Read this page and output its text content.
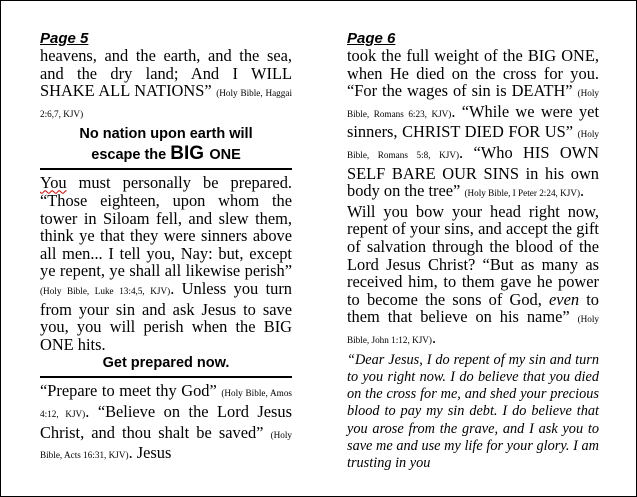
Page 5

heavens, and the earth, and the sea, and the dry land; And I WILL SHAKE ALL NATIONS” (Holy Bible, Haggai 2:6,7, KJV)

No nation upon earth will
escape the BIG ONE

You must personally be prepared. “Those eighteen, upon whom the tower in Siloam fell, and slew them, think ye that they were sinners above all men... I tell you, Nay: but, except ye repent, ye shall all likewise perish” (Holy Bible, Luke 13:4,5, KJV). Unless you turn from your sin and ask Jesus to save you, you will perish when the BIG ONE hits.

Get prepared now.

“Prepare to meet thy God” (Holy Bible, Amos 4:12, KJV). “Believe on the Lord Jesus Christ, and thou shalt be saved” (Holy Bible, Acts 16:31, KJV). Jesus

Page 6

took the full weight of the BIG ONE, when He died on the cross for you. “For the wages of sin is DEATH” (Holy Bible, Romans 6:23, KJV). “While we were yet sinners, CHRIST DIED FOR US” (Holy Bible, Romans 5:8, KJV). “Who HIS OWN SELF BARE OUR SINS in his own body on the tree” (Holy Bible, I Peter 2:24, KJV).

Will you bow your head right now, repent of your sins, and accept the gift of salvation through the blood of the Lord Jesus Christ? “But as many as received him, to them gave he power to become the sons of God, even to them that believe on his name” (Holy Bible, John 1:12, KJV).

“Dear Jesus, I do repent of my sin and turn to you right now. I do believe that you died on the cross for me, and shed your precious blood to pay my sin debt. I do believe that you arose from the grave, and I ask you to save me and use my life for your glory. I am trusting in you
